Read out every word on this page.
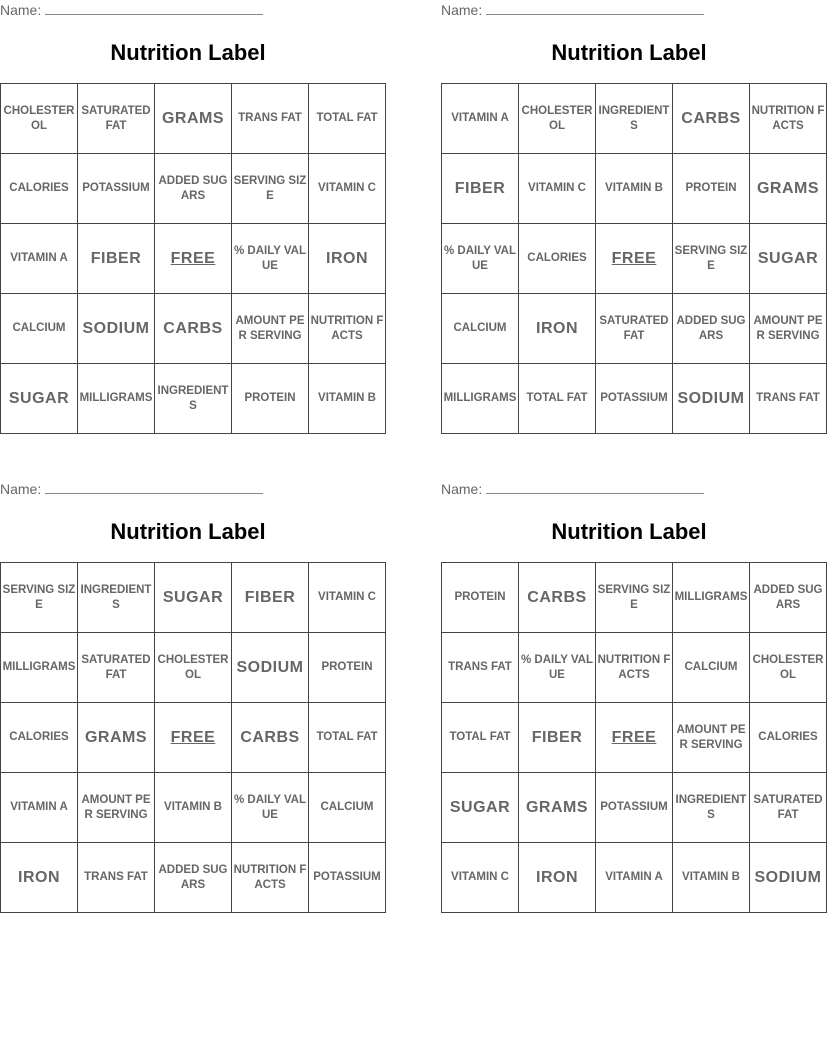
Name:
Nutrition Label
CHOLESTEROL	SATURATED FAT	GRAMS	TRANS FAT	TOTAL FAT
CALORIES	POTASSIUM	ADDED SUGARS	SERVING SIZE	VITAMIN C
VITAMIN A	FIBER	FREE	% DAILY VALUE	IRON
CALCIUM	SODIUM	CARBS	AMOUNT PER SERVING	NUTRITION FACTS
SUGAR	MILLIGRAMS	INGREDIENTS	PROTEIN	VITAMIN B
Name:
Nutrition Label
VITAMIN A	CHOLESTEROL	INGREDIENTS	CARBS	NUTRITION FACTS
FIBER	VITAMIN C	VITAMIN B	PROTEIN	GRAMS
% DAILY VALUE	CALORIES	FREE	SERVING SIZE	SUGAR
CALCIUM	IRON	SATURATED FAT	ADDED SUGARS	AMOUNT PER SERVING
MILLIGRAMS	TOTAL FAT	POTASSIUM	SODIUM	TRANS FAT
Name:
Nutrition Label
SERVING SIZE	INGREDIENTS	SUGAR	FIBER	VITAMIN C
MILLIGRAMS	SATURATED FAT	CHOLESTEROL	SODIUM	PROTEIN
CALORIES	GRAMS	FREE	CARBS	TOTAL FAT
VITAMIN A	AMOUNT PER SERVING	VITAMIN B	% DAILY VALUE	CALCIUM
IRON	TRANS FAT	ADDED SUGARS	NUTRITION FACTS	POTASSIUM
Name:
Nutrition Label
PROTEIN	CARBS	SERVING SIZE	MILLIGRAMS	ADDED SUGARS
TRANS FAT	% DAILY VALUE	NUTRITION FACTS	CALCIUM	CHOLESTEROL
TOTAL FAT	FIBER	FREE	AMOUNT PER SERVING	CALORIES
SUGAR	GRAMS	POTASSIUM	INGREDIENTS	SATURATED FAT
VITAMIN C	IRON	VITAMIN A	VITAMIN B	SODIUM
